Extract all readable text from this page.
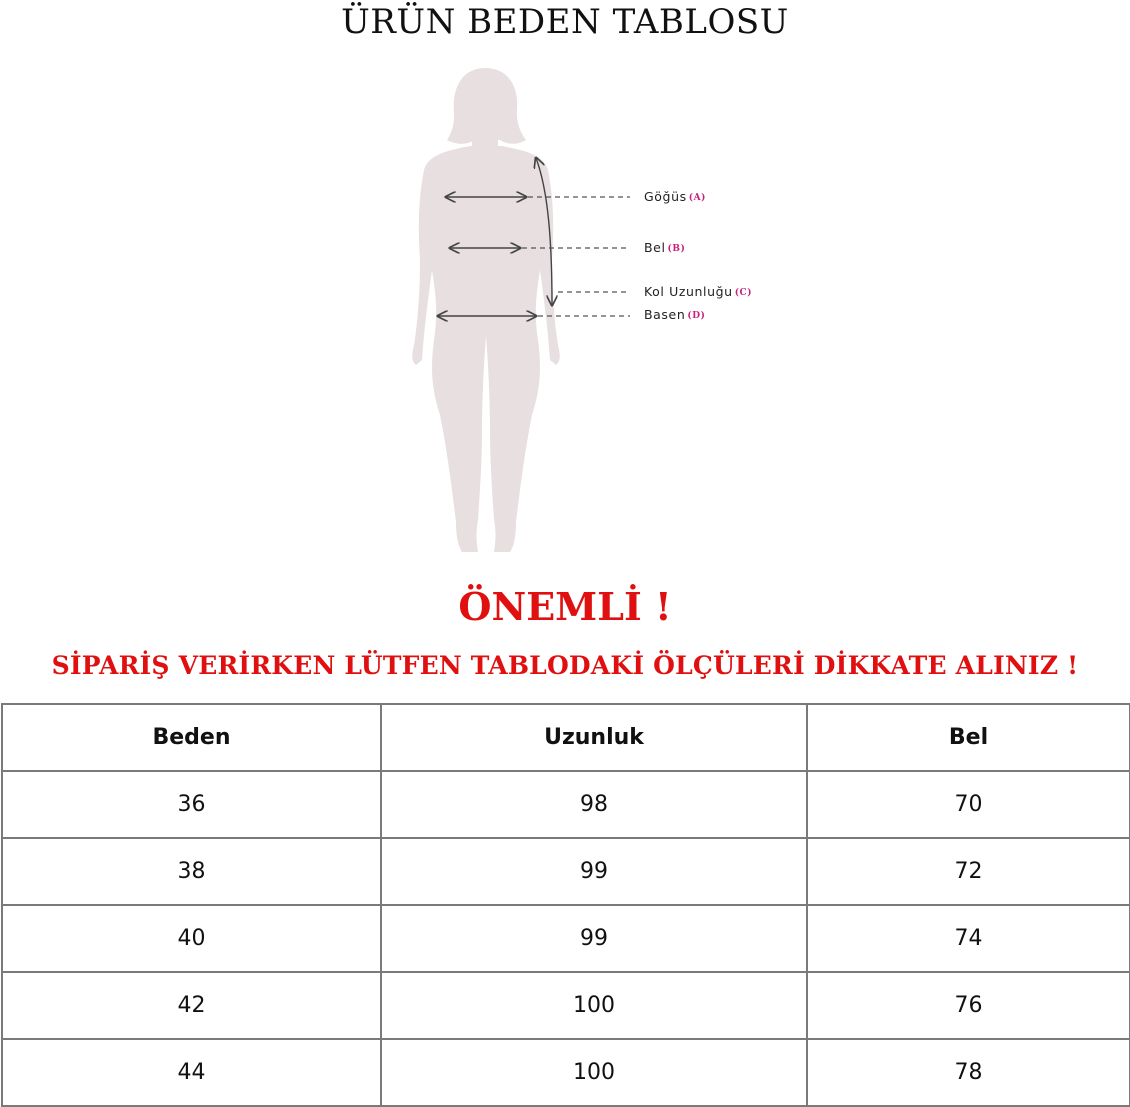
ÜRÜN BEDEN TABLOSU
Göğüs (A)
Bel (B)
Kol Uzunluğu (C)
Basen (D)
ÖNEMLİ !
SİPARİŞ VERİRKEN LÜTFEN TABLODAKİ ÖLÇÜLERİ DİKKATE ALINIZ !
Beden	Uzunluk	Bel
36	98	70
38	99	72
40	99	74
42	100	76
44	100	78
